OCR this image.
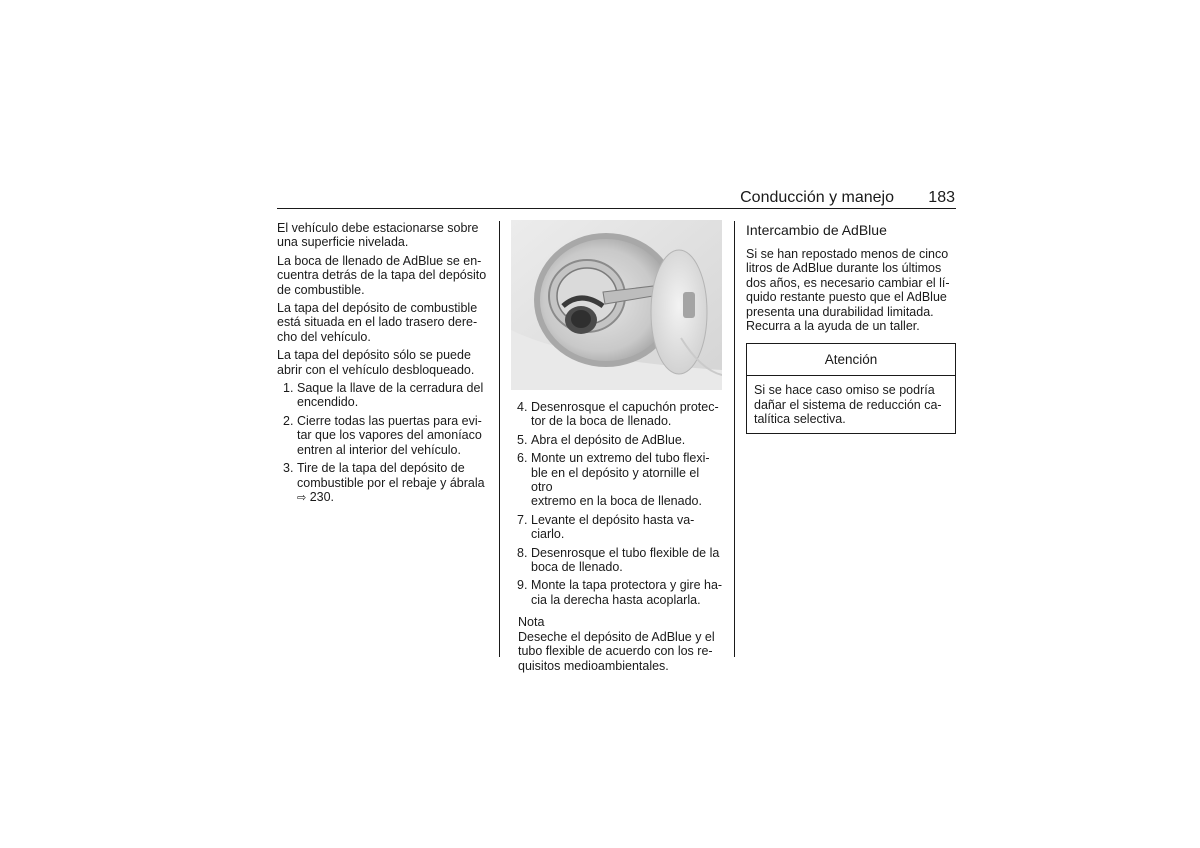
Conducción y manejo 183

El vehículo debe estacionarse sobre
una superficie nivelada.

La boca de llenado de AdBlue se en-
cuentra detrás de la tapa del depósito
de combustible.

La tapa del depósito de combustible
está situada en el lado trasero dere-
cho del vehículo.

La tapa del depósito sólo se puede
abrir con el vehículo desbloqueado.

1. Saque la llave de la cerradura del
encendido.
2. Cierre todas las puertas para evi-
tar que los vapores del amoníaco
entren al interior del vehículo.
3. Tire de la tapa del depósito de
combustible por el rebaje y ábrala
⇨ 230.
4. Desenrosque el capuchón protec-
tor de la boca de llenado.
5. Abra el depósito de AdBlue.
6. Monte un extremo del tubo flexi-
ble en el depósito y atornille el otro
extremo en la boca de llenado.
7. Levante el depósito hasta va-
ciarlo.
8. Desenrosque el tubo flexible de la
boca de llenado.
9. Monte la tapa protectora y gire ha-
cia la derecha hasta acoplarla.
Nota

Deseche el depósito de AdBlue y el
tubo flexible de acuerdo con los re-
quisitos medioambientales.

Intercambio de AdBlue

Si se han repostado menos de cinco
litros de AdBlue durante los últimos
dos años, es necesario cambiar el lí-
quido restante puesto que el AdBlue
presenta una durabilidad limitada.
Recurra a la ayuda de un taller.

Atención
Si se hace caso omiso se podría
dañar el sistema de reducción ca-
talítica selectiva.
